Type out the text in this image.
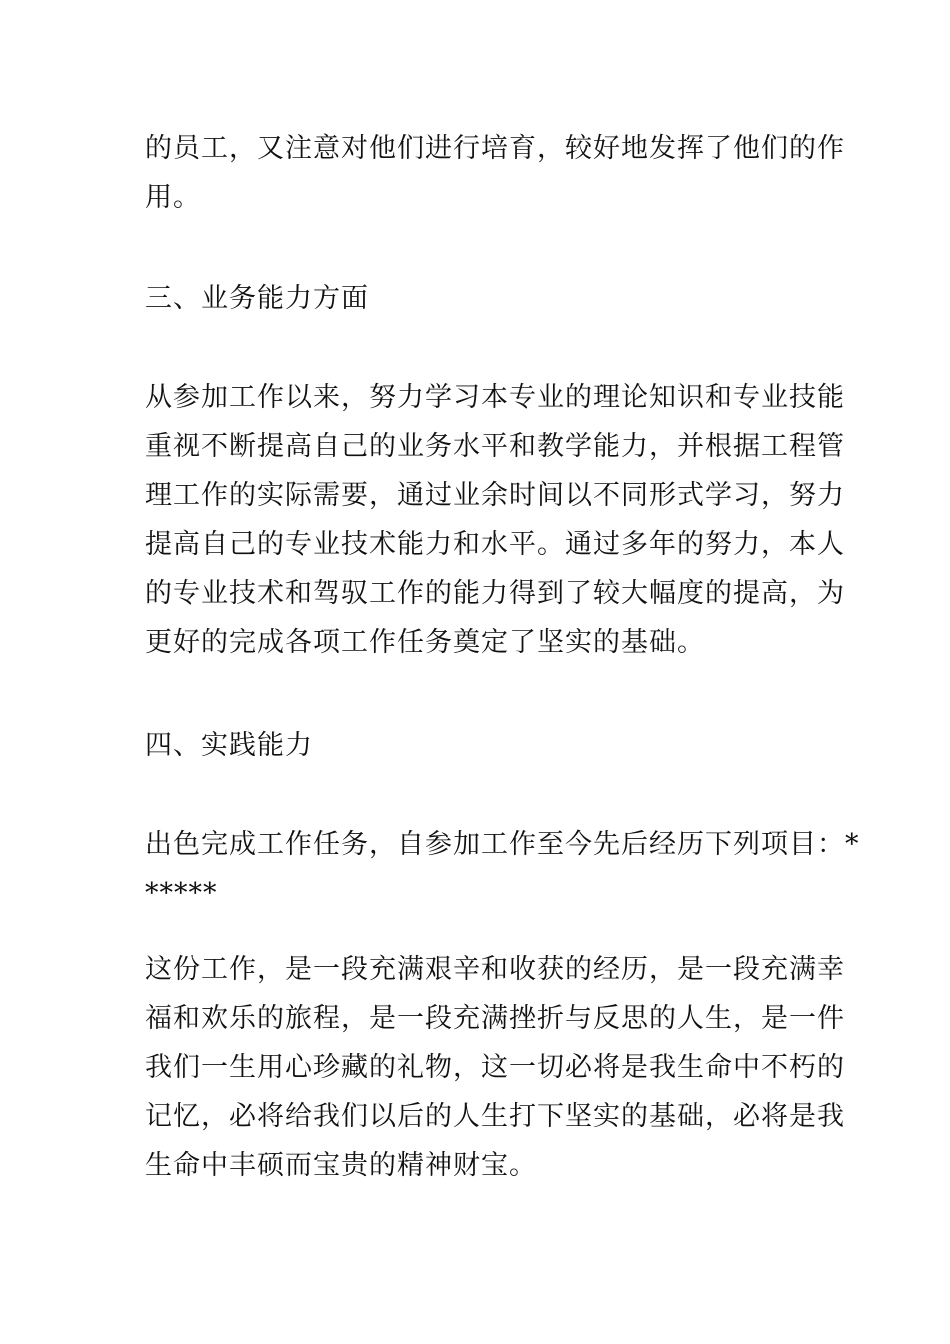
的员工，又注意对他们进行培育，较好地发挥了他们的作
用。
三、业务能力方面
从参加工作以来，努力学习本专业的理论知识和专业技能
重视不断提高自己的业务水平和教学能力，并根据工程管
理工作的实际需要，通过业余时间以不同形式学习，努力
提高自己的专业技术能力和水平。通过多年的努力，本人
的专业技术和驾驭工作的能力得到了较大幅度的提高，为
更好的完成各项工作任务奠定了坚实的基础。
四、实践能力
出色完成工作任务，自参加工作至今先后经历下列项目：*
*****
这份工作，是一段充满艰辛和收获的经历，是一段充满幸
福和欢乐的旅程，是一段充满挫折与反思的人生，是一件
我们一生用心珍藏的礼物，这一切必将是我生命中不朽的
记忆，必将给我们以后的人生打下坚实的基础，必将是我
生命中丰硕而宝贵的精神财宝。
